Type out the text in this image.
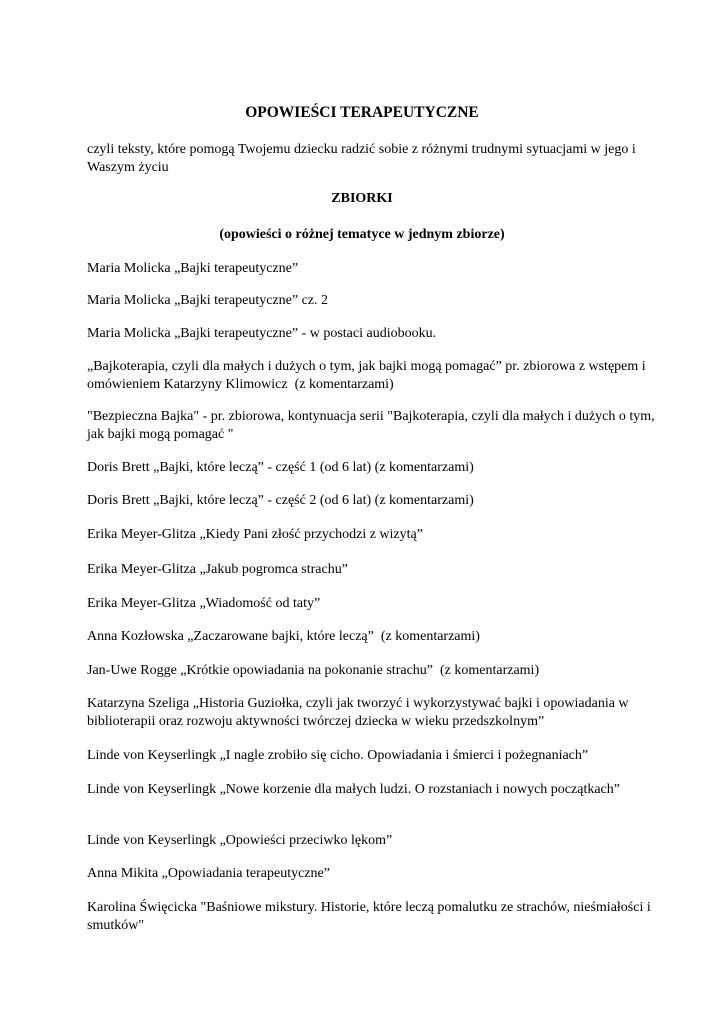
OPOWIEŚCI TERAPEUTYCZNE
czyli teksty, które pomogą Twojemu dziecku radzić sobie z różnymi trudnymi sytuacjami w jego i Waszym życiu
ZBIORKI
(opowieści o różnej tematyce w jednym zbiorze)
Maria Molicka „Bajki terapeutyczne”
Maria Molicka „Bajki terapeutyczne” cz. 2
Maria Molicka „Bajki terapeutyczne” - w postaci audiobooku.
„Bajkoterapia, czyli dla małych i dużych o tym, jak bajki mogą pomagać” pr. zbiorowa z wstępem i omówieniem Katarzyny Klimowicz  (z komentarzami)
"Bezpieczna Bajka" - pr. zbiorowa, kontynuacja serii "Bajkoterapia, czyli dla małych i dużych o tym,  jak bajki mogą pomagać "
Doris Brett „Bajki, które leczą” - część 1 (od 6 lat) (z komentarzami)
Doris Brett „Bajki, które leczą” - część 2 (od 6 lat) (z komentarzami)
Erika Meyer-Glitza „Kiedy Pani złość przychodzi z wizytą”
Erika Meyer-Glitza „Jakub pogromca strachu”
Erika Meyer-Glitza „Wiadomość od taty”
Anna Kozłowska „Zaczarowane bajki, które leczą”  (z komentarzami)
Jan-Uwe Rogge „Krótkie opowiadania na pokonanie strachu”  (z komentarzami)
Katarzyna Szeliga „Historia Guziołka, czyli jak tworzyć i wykorzystywać bajki i opowiadania w biblioterapii oraz rozwoju aktywności twórczej dziecka w wieku przedszkolnym”
Linde von Keyserlingk „I nagle zrobiło się cicho. Opowiadania i śmierci i pożegnaniach”
Linde von Keyserlingk „Nowe korzenie dla małych ludzi. O rozstaniach i nowych początkach”
Linde von Keyserlingk „Opowieści przeciwko lękom”
Anna Mikita „Opowiadania terapeutyczne”
Karolina Święcicka "Baśniowe mikstury. Historie, które leczą pomalutku ze strachów, nieśmiałości i smutków"
